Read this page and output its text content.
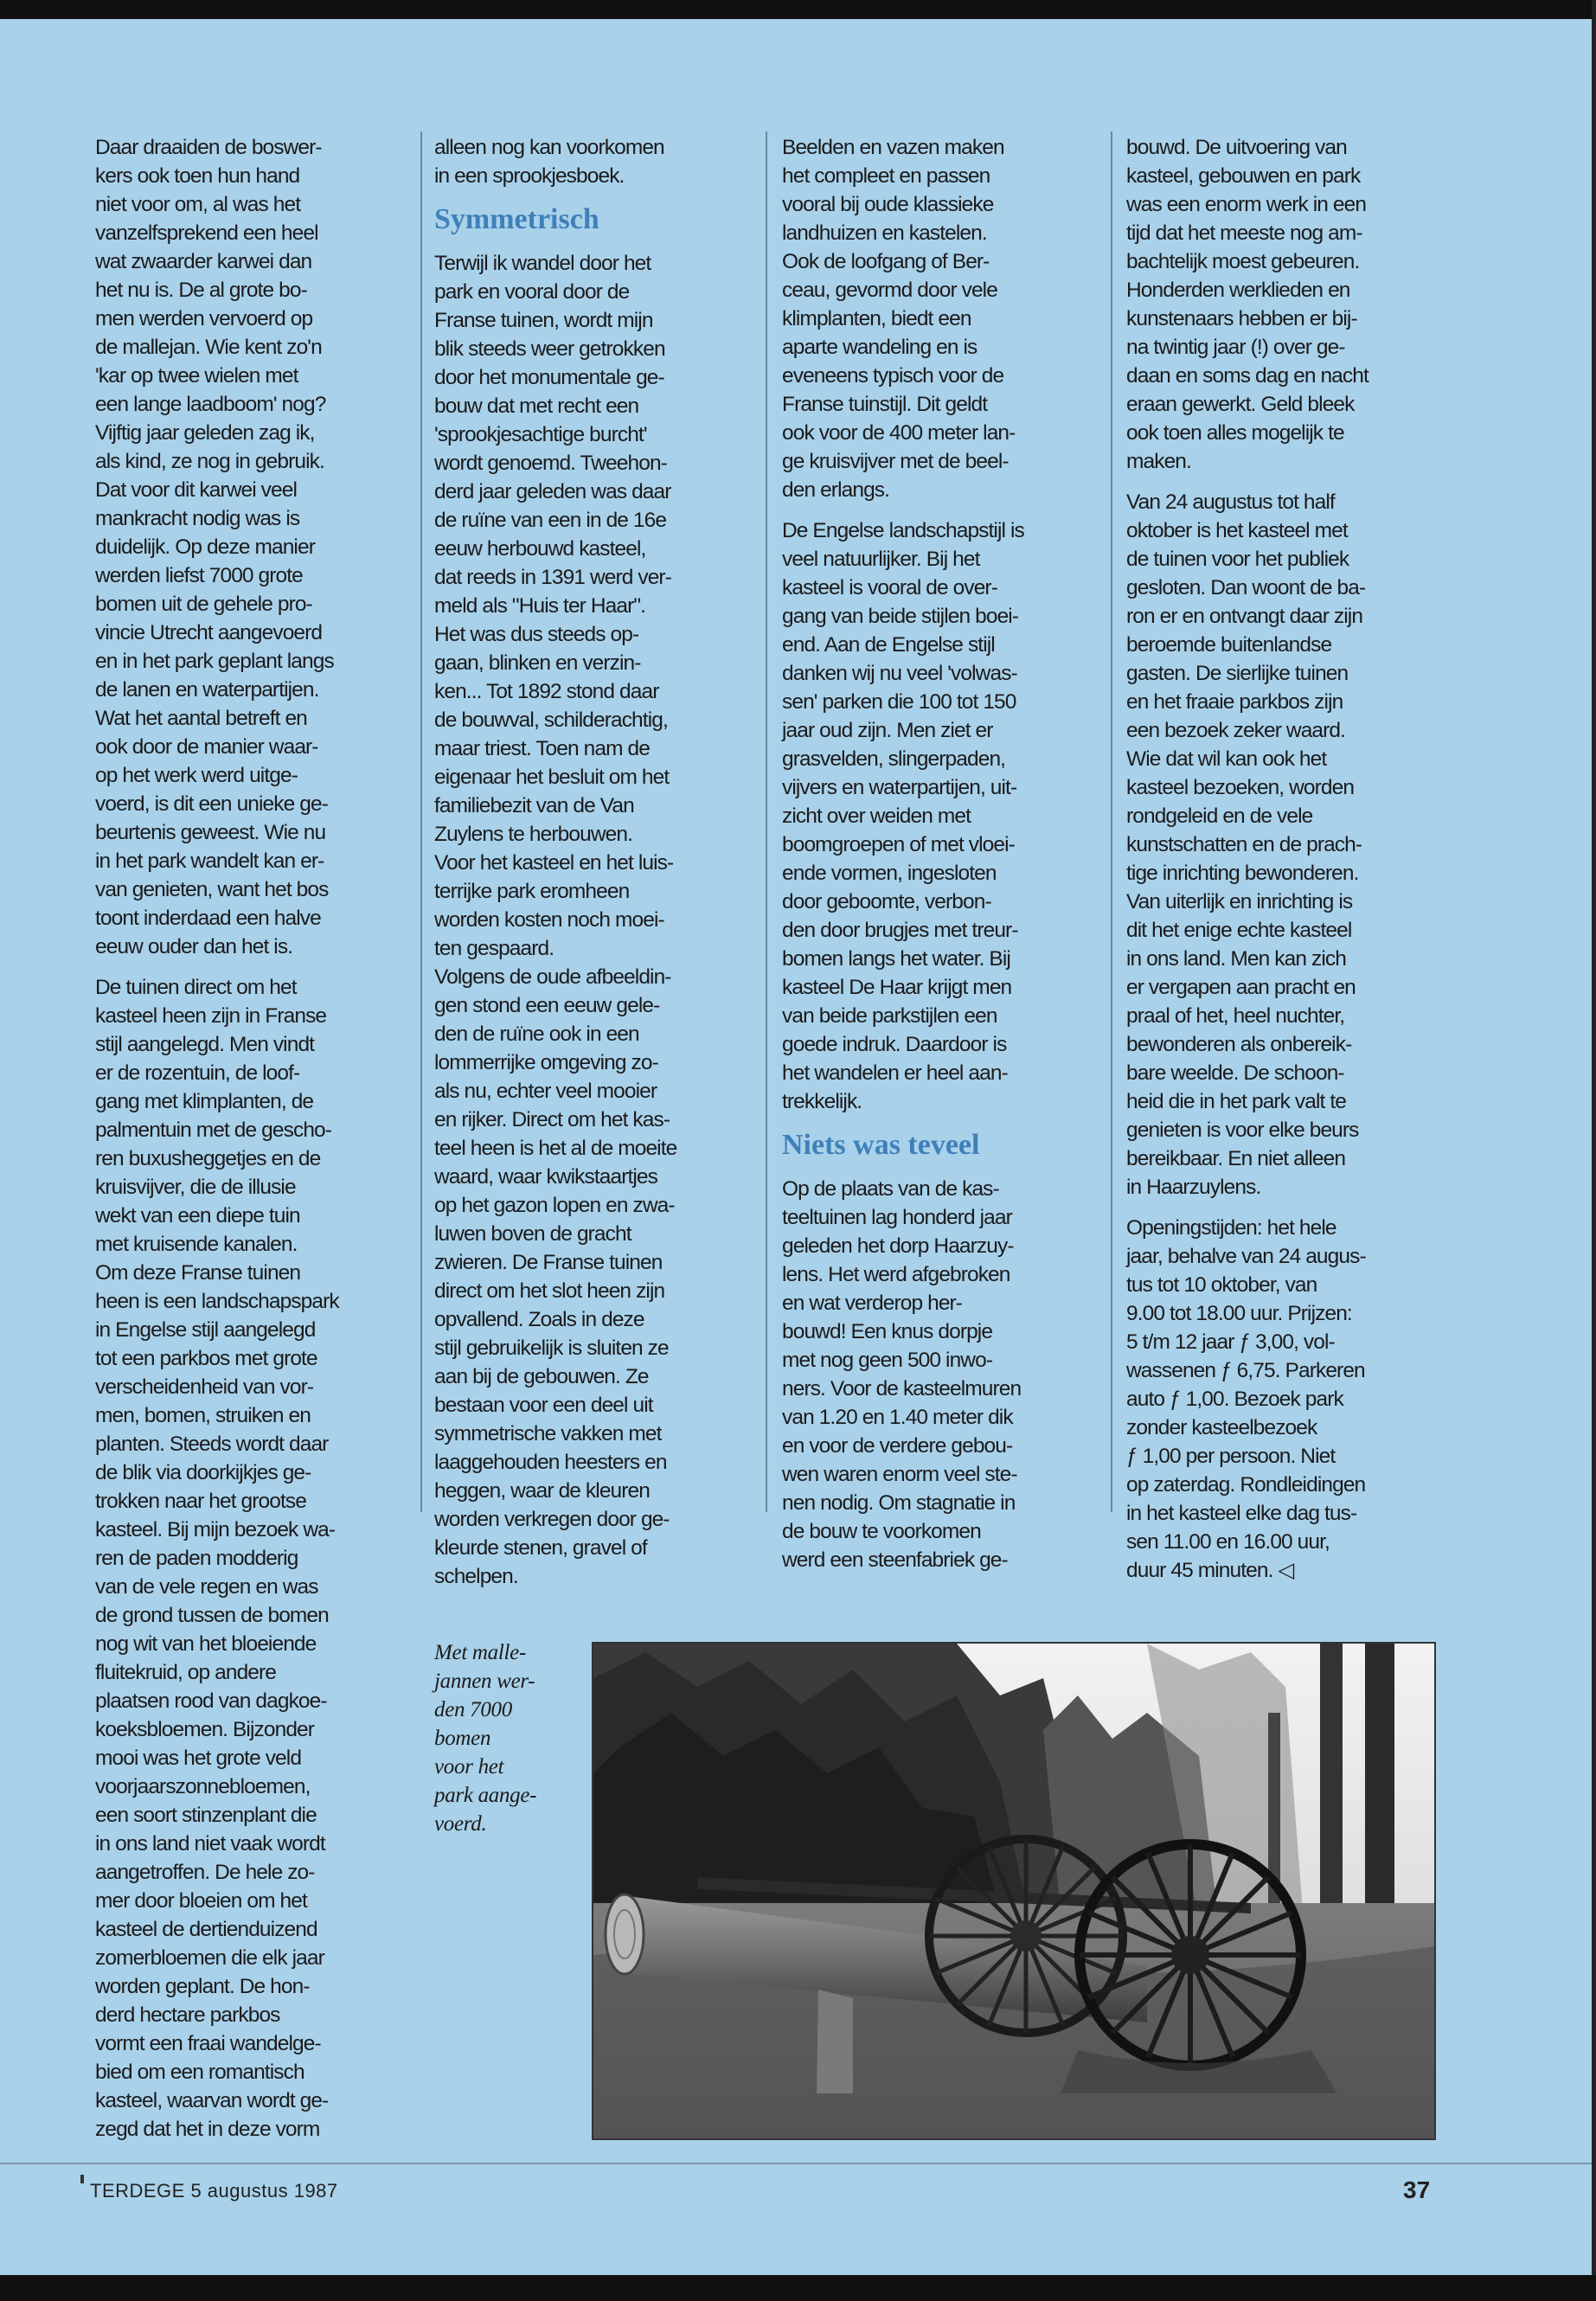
Daar draaiden de boswer-
kers ook toen hun hand
niet voor om, al was het
vanzelfsprekend een heel
wat zwaarder karwei dan
het nu is. De al grote bo-
men werden vervoerd op
de mallejan. Wie kent zo'n
'kar op twee wielen met
een lange laadboom' nog?
Vijftig jaar geleden zag ik,
als kind, ze nog in gebruik.
Dat voor dit karwei veel
mankracht nodig was is
duidelijk. Op deze manier
werden liefst 7000 grote
bomen uit de gehele pro-
vincie Utrecht aangevoerd
en in het park geplant langs
de lanen en waterpartijen.
Wat het aantal betreft en
ook door de manier waar-
op het werk werd uitge-
voerd, is dit een unieke ge-
beurtenis geweest. Wie nu
in het park wandelt kan er-
van genieten, want het bos
toont inderdaad een halve
eeuw ouder dan het is.

De tuinen direct om het
kasteel heen zijn in Franse
stijl aangelegd. Men vindt
er de rozentuin, de loof-
gang met klimplanten, de
palmentuin met de gescho-
ren buxusheggetjes en de
kruisvijver, die de illusie
wekt van een diepe tuin
met kruisende kanalen.
Om deze Franse tuinen
heen is een landschapspark
in Engelse stijl aangelegd
tot een parkbos met grote
verscheidenheid van vor-
men, bomen, struiken en
planten. Steeds wordt daar
de blik via doorkijkjes ge-
trokken naar het grootse
kasteel. Bij mijn bezoek wa-
ren de paden modderig
van de vele regen en was
de grond tussen de bomen
nog wit van het bloeiende
fluitekruid, op andere
plaatsen rood van dagkoe-
koeksbloemen. Bijzonder
mooi was het grote veld
voorjaarszonnebloemen,
een soort stinzenplant die
in ons land niet vaak wordt
aangetroffen. De hele zo-
mer door bloeien om het
kasteel de dertienduizend
zomerbloemen die elk jaar
worden geplant. De hon-
derd hectare parkbos
vormt een fraai wandelge-
bied om een romantisch
kasteel, waarvan wordt ge-
zegd dat het in deze vorm

alleen nog kan voorkomen
in een sprookjesboek.

Symmetrisch

Terwijl ik wandel door het
park en vooral door de
Franse tuinen, wordt mijn
blik steeds weer getrokken
door het monumentale ge-
bouw dat met recht een
'sprookjesachtige burcht'
wordt genoemd. Tweehon-
derd jaar geleden was daar
de ruïne van een in de 16e
eeuw herbouwd kasteel,
dat reeds in 1391 werd ver-
meld als "Huis ter Haar".
Het was dus steeds op-
gaan, blinken en verzin-
ken... Tot 1892 stond daar
de bouwval, schilderachtig,
maar triest. Toen nam de
eigenaar het besluit om het
familiebezit van de Van
Zuylens te herbouwen.
Voor het kasteel en het luis-
terrijke park eromheen
worden kosten noch moei-
ten gespaard.
Volgens de oude afbeeldin-
gen stond een eeuw gele-
den de ruïne ook in een
lommerrijke omgeving zo-
als nu, echter veel mooier
en rijker. Direct om het kas-
teel heen is het al de moeite
waard, waar kwikstaartjes
op het gazon lopen en zwa-
luwen boven de gracht
zwieren. De Franse tuinen
direct om het slot heen zijn
opvallend. Zoals in deze
stijl gebruikelijk is sluiten ze
aan bij de gebouwen. Ze
bestaan voor een deel uit
symmetrische vakken met
laaggehouden heesters en
heggen, waar de kleuren
worden verkregen door ge-
kleurde stenen, gravel of
schelpen.

Beelden en vazen maken
het compleet en passen
vooral bij oude klassieke
landhuizen en kastelen.
Ook de loofgang of Ber-
ceau, gevormd door vele
klimplanten, biedt een
aparte wandeling en is
eveneens typisch voor de
Franse tuinstijl. Dit geldt
ook voor de 400 meter lan-
ge kruisvijver met de beel-
den erlangs.

De Engelse landschapstijl is
veel natuurlijker. Bij het
kasteel is vooral de over-
gang van beide stijlen boei-
end. Aan de Engelse stijl
danken wij nu veel 'volwas-
sen' parken die 100 tot 150
jaar oud zijn. Men ziet er
grasvelden, slingerpaden,
vijvers en waterpartijen, uit-
zicht over weiden met
boomgroepen of met vloei-
ende vormen, ingesloten
door geboomte, verbon-
den door brugjes met treur-
bomen langs het water. Bij
kasteel De Haar krijgt men
van beide parkstijlen een
goede indruk. Daardoor is
het wandelen er heel aan-
trekkelijk.

Niets was teveel

Op de plaats van de kas-
teeltuinen lag honderd jaar
geleden het dorp Haarzuy-
lens. Het werd afgebroken
en wat verderop her-
bouwd! Een knus dorpje
met nog geen 500 inwo-
ners. Voor de kasteelmuren
van 1.20 en 1.40 meter dik
en voor de verdere gebou-
wen waren enorm veel ste-
nen nodig. Om stagnatie in
de bouw te voorkomen
werd een steenfabriek ge-

bouwd. De uitvoering van
kasteel, gebouwen en park
was een enorm werk in een
tijd dat het meeste nog am-
bachtelijk moest gebeuren.
Honderden werklieden en
kunstenaars hebben er bij-
na twintig jaar (!) over ge-
daan en soms dag en nacht
eraan gewerkt. Geld bleek
ook toen alles mogelijk te
maken.

Van 24 augustus tot half
oktober is het kasteel met
de tuinen voor het publiek
gesloten. Dan woont de ba-
ron er en ontvangt daar zijn
beroemde buitenlandse
gasten. De sierlijke tuinen
en het fraaie parkbos zijn
een bezoek zeker waard.
Wie dat wil kan ook het
kasteel bezoeken, worden
rondgeleid en de vele
kunstschatten en de prach-
tige inrichting bewonderen.
Van uiterlijk en inrichting is
dit het enige echte kasteel
in ons land. Men kan zich
er vergapen aan pracht en
praal of het, heel nuchter,
bewonderen als onbereik-
bare weelde. De schoon-
heid die in het park valt te
genieten is voor elke beurs
bereikbaar. En niet alleen
in Haarzuylens.

Openingstijden: het hele
jaar, behalve van 24 augus-
tus tot 10 oktober, van
9.00 tot 18.00 uur. Prijzen:
5 t/m 12 jaar ƒ 3,00, vol-
wassenen ƒ 6,75. Parkeren
auto ƒ 1,00. Bezoek park
zonder kasteelbezoek
ƒ 1,00 per persoon. Niet
op zaterdag. Rondleidingen
in het kasteel elke dag tus-
sen 11.00 en 16.00 uur,
duur 45 minuten. ◁

Met malle-
jannen wer-
den 7000
bomen
voor het
park aange-
voerd.
TERDEGE 5 augustus 1987	37
